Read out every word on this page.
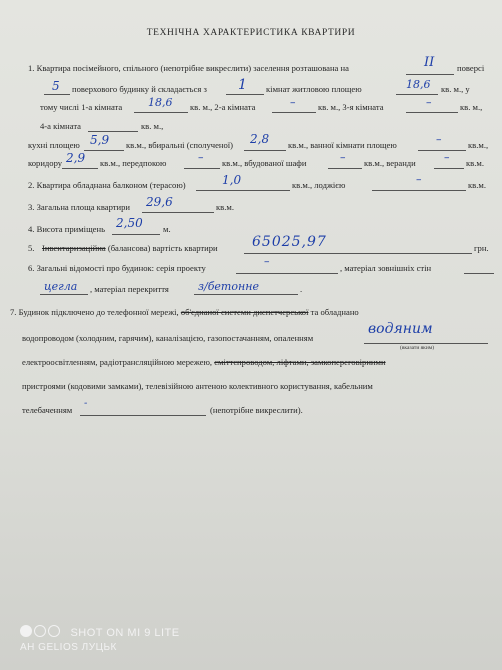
ТЕХНІЧНА ХАРАКТЕРИСТИКА КВАРТИРИ
1. Квартира посімейного, спільного (непотрібне викреслити) заселення розташована на	II	поверсі
5 поверхового будинку й складається з 1 кімнат житловою площею	18,6 кв. м., у
тому числі 1-а кімната 18,6 кв. м., 2-а кімната	–	кв. м., 3-я кімната	–	кв. м.,
4-а кімната	кв. м.,
кухні площею 5,9 кв.м., вбиральні (сполученої) 2,8 кв.м., ванної кімнати площею	–	кв.м.,
коридору 2,9 кв.м., передпокою	– кв.м., вбудованої шафи	– кв.м., веранди	– кв.м.
2. Квартира обладнана балконом (терасою)	1,0	кв.м., лоджією	–	кв.м.
3. Загальна площа квартири 29,6	кв.м.
4. Висота приміщень 2,50 м.
5. Інвентаризаційна (балансова) вартість квартири 65025,97	грн.
6. Загальні відомості про будинок: серія проекту	–	, матеріал зовнішніх стін
цегла , матеріал перекриття	з/бетонне	.
7. Будинок підключено до телефонної мережі, об'єднаної системи диспетчерської та обладнано
водопроводом (холодним, гарячим), каналізацією, газопостачанням, опаленням
водяним
(вказати яким)
електроосвітленням, радіотрансляційною мережею, сміттєпроводом, ліфтами, замкопереговірними
пристроями (кодовими замками), телевізійною антеною колективного користування, кабельним
телебаченням
-
(непотрібне викреслити).
SHOT ON MI 9 LITE
AH GELIOS ЛУЦЬК
